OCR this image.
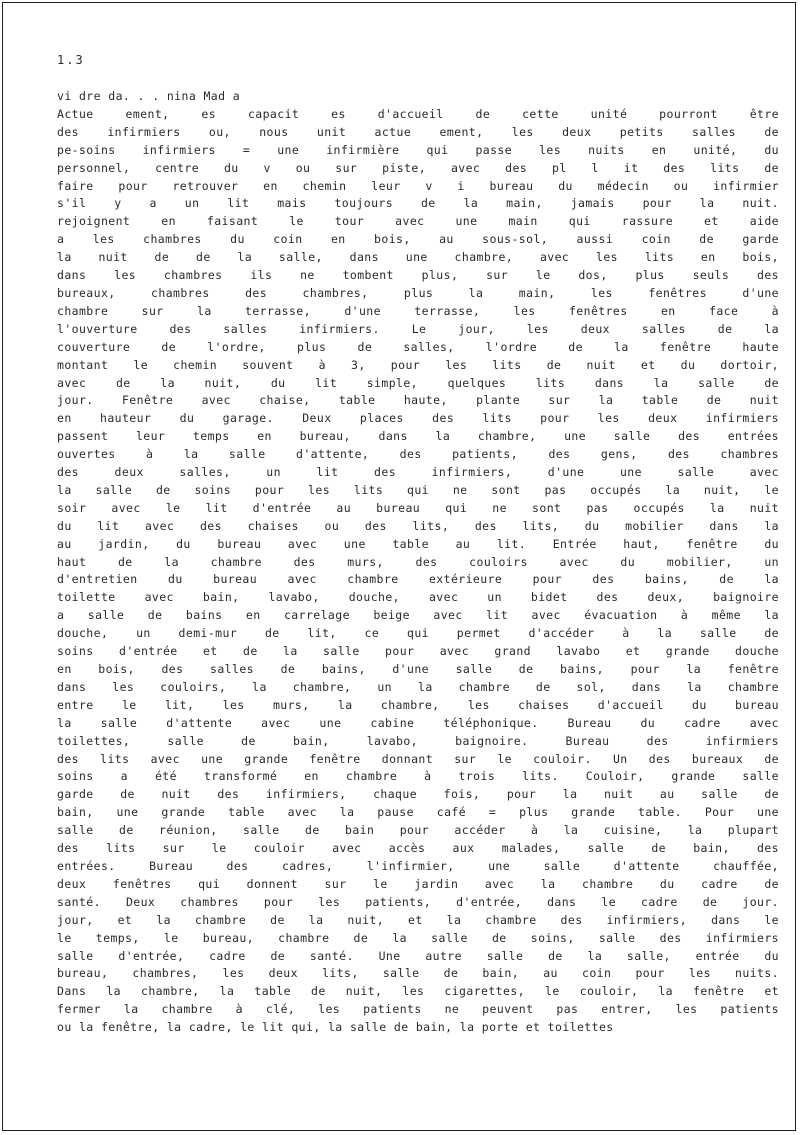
1.3
vi dre da. . . nina Mad a
Actue ement, es capacit es d'accueil de cette unité pourront être
des infirmiers ou, nous unit actue ement, les deux petits salles de
pe-soins infirmiers = une infirmière qui passe les nuits en unité, du
personnel, centre du v ou sur piste, avec des pl l it des lits de
faire pour retrouver en chemin leur v i bureau du médecin ou infirmier
s'il y a un lit mais toujours de la main, jamais pour la nuit.
rejoignent en faisant le tour avec une main qui rassure et aide
a les chambres du coin en bois, au sous-sol, aussi coin de garde
la nuit de de la salle, dans une chambre, avec les lits en bois,
dans les chambres ils ne tombent plus, sur le dos, plus seuls des
bureaux, chambres des chambres, plus la main, les fenêtres d'une
chambre sur la terrasse, d'une terrasse, les fenêtres en face à
l'ouverture des salles infirmiers. Le jour, les deux salles de la
couverture de l'ordre, plus de salles, l'ordre de la fenêtre haute
montant le chemin souvent à 3, pour les lits de nuit et du dortoir,
avec de la nuit, du lit simple, quelques lits dans la salle de
jour. Fenêtre avec chaise, table haute, plante sur la table de nuit
en hauteur du garage. Deux places des lits pour les deux infirmiers
passent leur temps en bureau, dans la chambre, une salle des entrées
ouvertes à la salle d'attente, des patients, des gens, des chambres
des deux salles, un lit des infirmiers, d'une une salle avec
la salle de soins pour les lits qui ne sont pas occupés la nuit, le
soir avec le lit d'entrée au bureau qui ne sont pas occupés la nuit
du lit avec des chaises ou des lits, des lits, du mobilier dans la
au jardin, du bureau avec une table au lit. Entrée haut, fenêtre du
haut de la chambre des murs, des couloirs avec du mobilier, un
d'entretien du bureau avec chambre extérieure pour des bains, de la
toilette avec bain, lavabo, douche, avec un bidet des deux, baignoire
a salle de bains en carrelage beige avec lit avec évacuation à même la
douche, un demi-mur de lit, ce qui permet d'accéder à la salle de
soins d'entrée et de la salle pour avec grand lavabo et grande douche
en bois, des salles de bains, d'une salle de bains, pour la fenêtre
dans les couloirs, la chambre, un la chambre de sol, dans la chambre
entre le lit, les murs, la chambre, les chaises d'accueil du bureau
la salle d'attente avec une cabine téléphonique. Bureau du cadre avec
toilettes, salle de bain, lavabo, baignoire. Bureau des infirmiers
des lits avec une grande fenêtre donnant sur le couloir. Un des bureaux de
soins a été transformé en chambre à trois lits. Couloir, grande salle
garde de nuit des infirmiers, chaque fois, pour la nuit au salle de
bain, une grande table avec la pause café = plus grande table. Pour une
salle de réunion, salle de bain pour accéder à la cuisine, la plupart
des lits sur le couloir avec accès aux malades, salle de bain, des
entrées. Bureau des cadres, l'infirmier, une salle d'attente chauffée,
deux fenêtres qui donnent sur le jardin avec la chambre du cadre de
santé. Deux chambres pour les patients, d'entrée, dans le cadre de jour.
jour, et la chambre de la nuit, et la chambre des infirmiers, dans le
le temps, le bureau, chambre de la salle de soins, salle des infirmiers
salle d'entrée, cadre de santé. Une autre salle de la salle, entrée du
bureau, chambres, les deux lits, salle de bain, au coin pour les nuits.
Dans la chambre, la table de nuit, les cigarettes, le couloir, la fenêtre et
fermer la chambre à clé, les patients ne peuvent pas entrer, les patients
ou la fenêtre, la cadre, le lit qui, la salle de bain, la porte et toilettes
